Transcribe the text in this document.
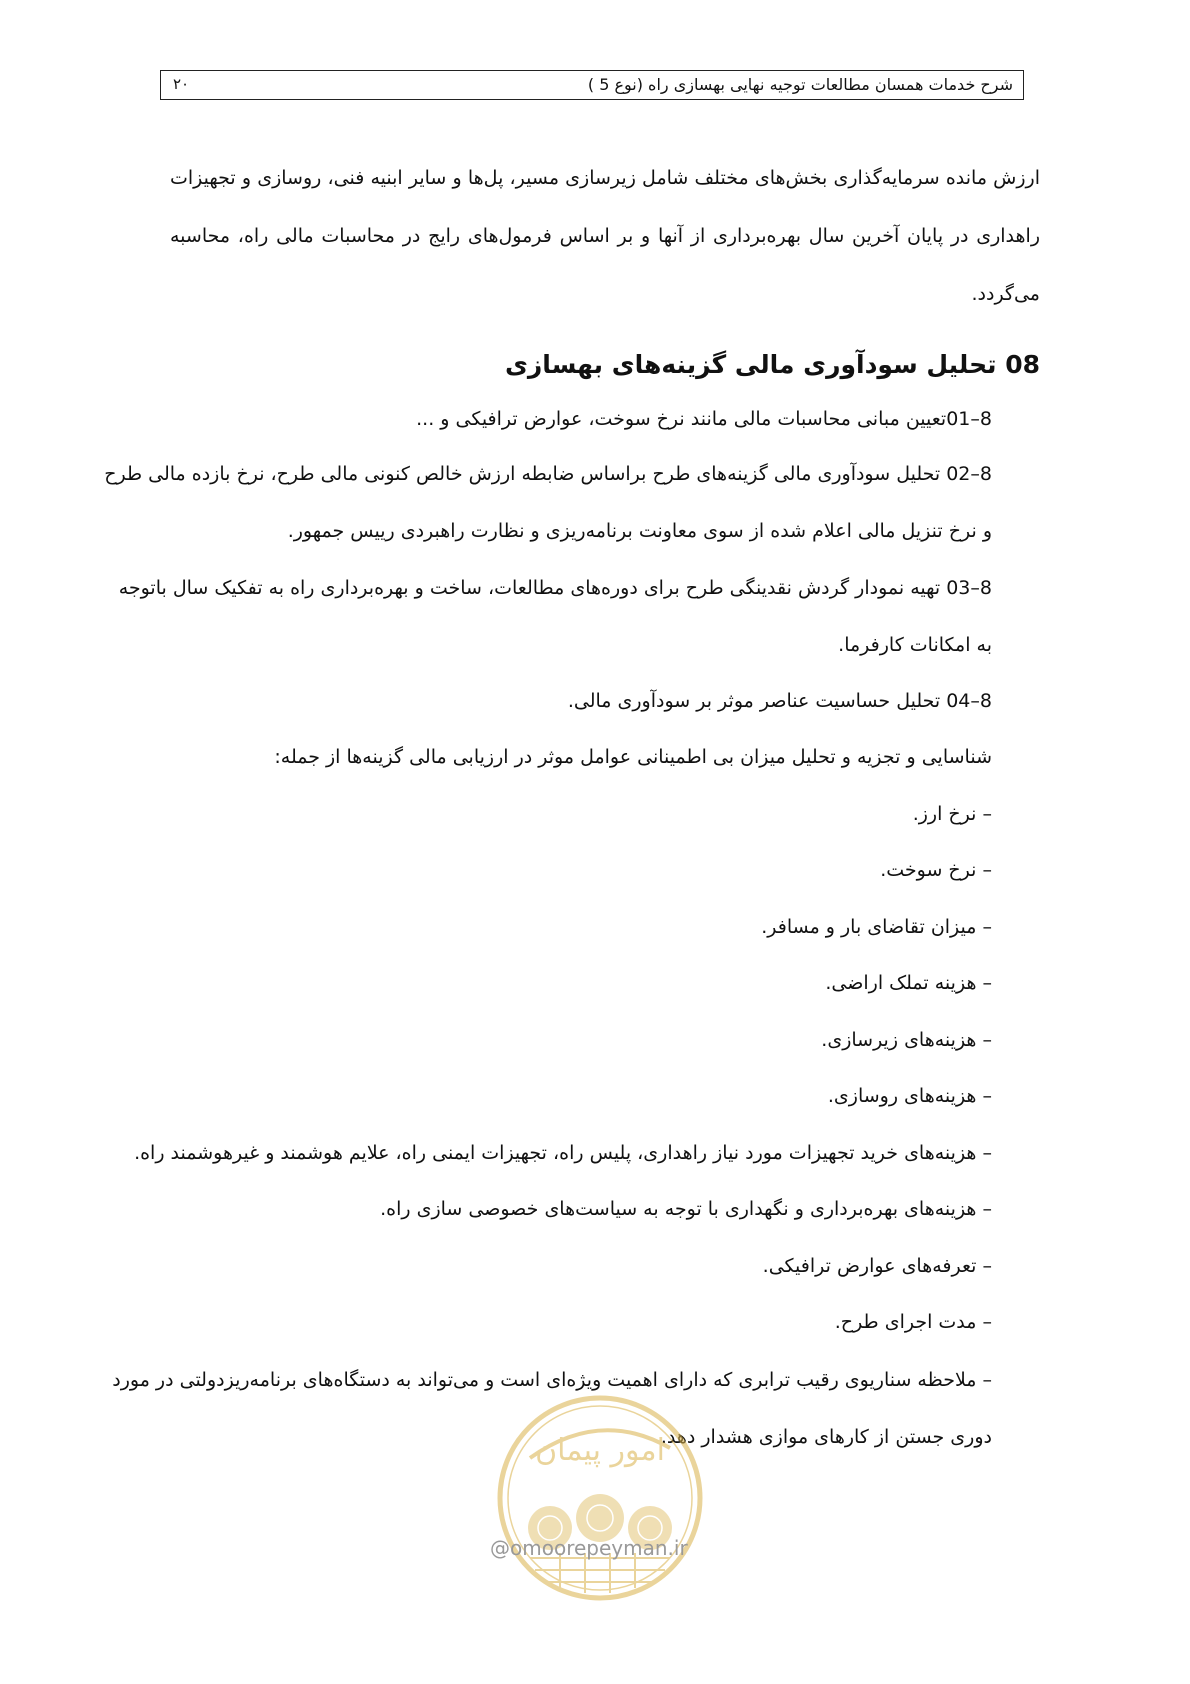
۲۰	شرح خدمات همسان مطالعات توجیه نهایی بهسازی راه (نوع 5 )
ارزش مانده سرمایه‌گذاری بخش‌های مختلف شامل زیرسازی مسیر، پل‌ها و سایر ابنیه فنی، روسازی و تجهیزات
راهداری در پایان آخرین سال بهره‌برداری از آنها و بر اساس فرمول‌های رایج در محاسبات مالی راه، محاسبه
می‌گردد.
08 تحلیل سودآوری مالی گزینه‌های بهسازی
8–01تعیین مبانی محاسبات مالی مانند نرخ سوخت، عوارض ترافیکی و ...
8–02 تحلیل سودآوری مالی گزینه‌های طرح براساس ضابطه ارزش خالص کنونی مالی طرح، نرخ بازده مالی طرح
و نرخ تنزیل مالی اعلام شده از سوی معاونت برنامه‌ریزی و نظارت راهبردی رییس جمهور.
8–03 تهیه نمودار گردش نقدینگی طرح برای دوره‌های مطالعات، ساخت و بهره‌برداری راه به تفکیک سال باتوجه
به امکانات کارفرما.
8–04 تحلیل حساسیت عناصر موثر بر سودآوری مالی.
شناسایی و تجزیه و تحلیل میزان بی اطمینانی عوامل موثر در ارزیابی مالی گزینه‌ها از جمله:
– نرخ ارز.
– نرخ سوخت.
– میزان تقاضای بار و مسافر.
– هزینه تملک اراضی.
– هزینه‌های زیرسازی.
– هزینه‌های روسازی.
– هزینه‌های خرید تجهیزات مورد نیاز راهداری، پلیس راه، تجهیزات ایمنی راه، علایم هوشمند و غیرهوشمند راه.
– هزینه‌های بهره‌برداری و نگهداری با توجه به سیاست‌های خصوصی سازی راه.
– تعرفه‌های عوارض ترافیکی.
– مدت اجرای طرح.
– ملاحظه سناریوی رقیب ترابری که دارای اهمیت ویژه‌ای است و می‌تواند به دستگاه‌های برنامه‌ریزدولتی در مورد
دوری جستن از کارهای موازی هشدار دهد.
امور پیمان
@omoorepeyman.ir
